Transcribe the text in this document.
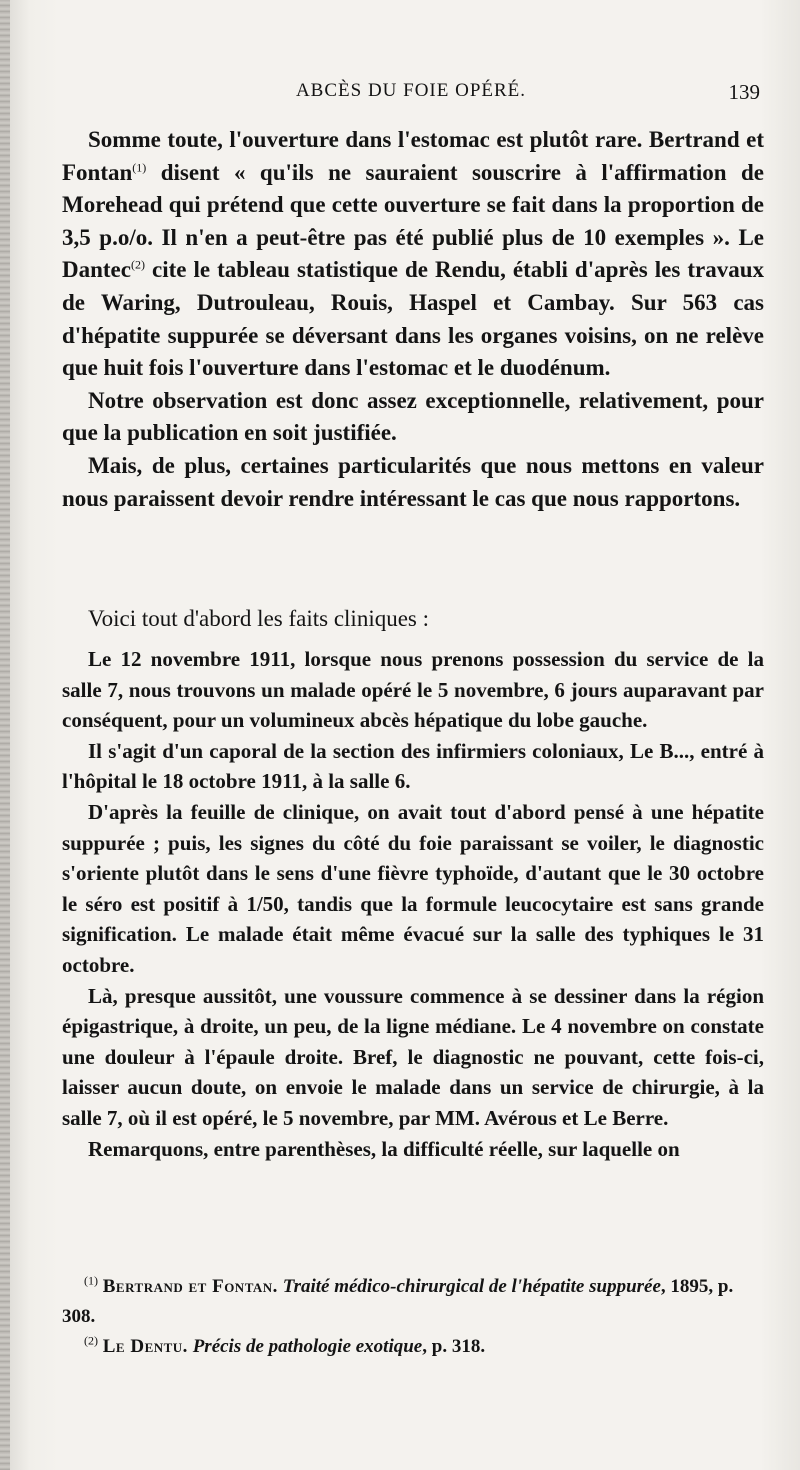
ABCÈS DU FOIE OPÉRÉ.	139

Somme toute, l'ouverture dans l'estomac est plutôt rare. Bertrand et Fontan$^{(1)}$ disent « qu'ils ne sauraient souscrire à l'affirmation de Morehead qui prétend que cette ouverture se fait dans la proportion de 3,5 p.o/o. Il n'en a peut-être pas été publié plus de 10 exemples ». Le Dantec$^{(2)}$ cite le tableau statistique de Rendu, établi d'après les travaux de Waring, Dutrouleau, Rouis, Haspel et Cambay. Sur 563 cas d'hépatite suppurée se déversant dans les organes voisins, on ne relève que huit fois l'ouverture dans l'estomac et le duodénum.

Notre observation est donc assez exceptionnelle, relativement, pour que la publication en soit justifiée.

Mais, de plus, certaines particularités que nous mettons en valeur nous paraissent devoir rendre intéressant le cas que nous rapportons.

Voici tout d'abord les faits cliniques :

Le 12 novembre 1911, lorsque nous prenons possession du service de la salle 7, nous trouvons un malade opéré le 5 novembre, 6 jours auparavant par conséquent, pour un volumineux abcès hépatique du lobe gauche.

Il s'agit d'un caporal de la section des infirmiers coloniaux, Le B..., entré à l'hôpital le 18 octobre 1911, à la salle 6.

D'après la feuille de clinique, on avait tout d'abord pensé à une hépatite suppurée ; puis, les signes du côté du foie paraissant se voiler, le diagnostic s'oriente plutôt dans le sens d'une fièvre typhoïde, d'autant que le 30 octobre le séro est positif à 1/50, tandis que la formule leucocytaire est sans grande signification. Le malade était même évacué sur la salle des typhiques le 31 octobre.

Là, presque aussitôt, une voussure commence à se dessiner dans la région épigastrique, à droite, un peu, de la ligne médiane. Le 4 novembre on constate une douleur à l'épaule droite. Bref, le diagnostic ne pouvant, cette fois-ci, laisser aucun doute, on envoie le malade dans un service de chirurgie, à la salle 7, où il est opéré, le 5 novembre, par MM. Avérous et Le Berre.

Remarquons, entre parenthèses, la difficulté réelle, sur laquelle on

$^{(1)}$ Bertrand et Fontan. Traité médico-chirurgical de l'hépatite suppurée, 1895, p. 308.

$^{(2)}$ Le Dentu. Précis de pathologie exotique, p. 318.
